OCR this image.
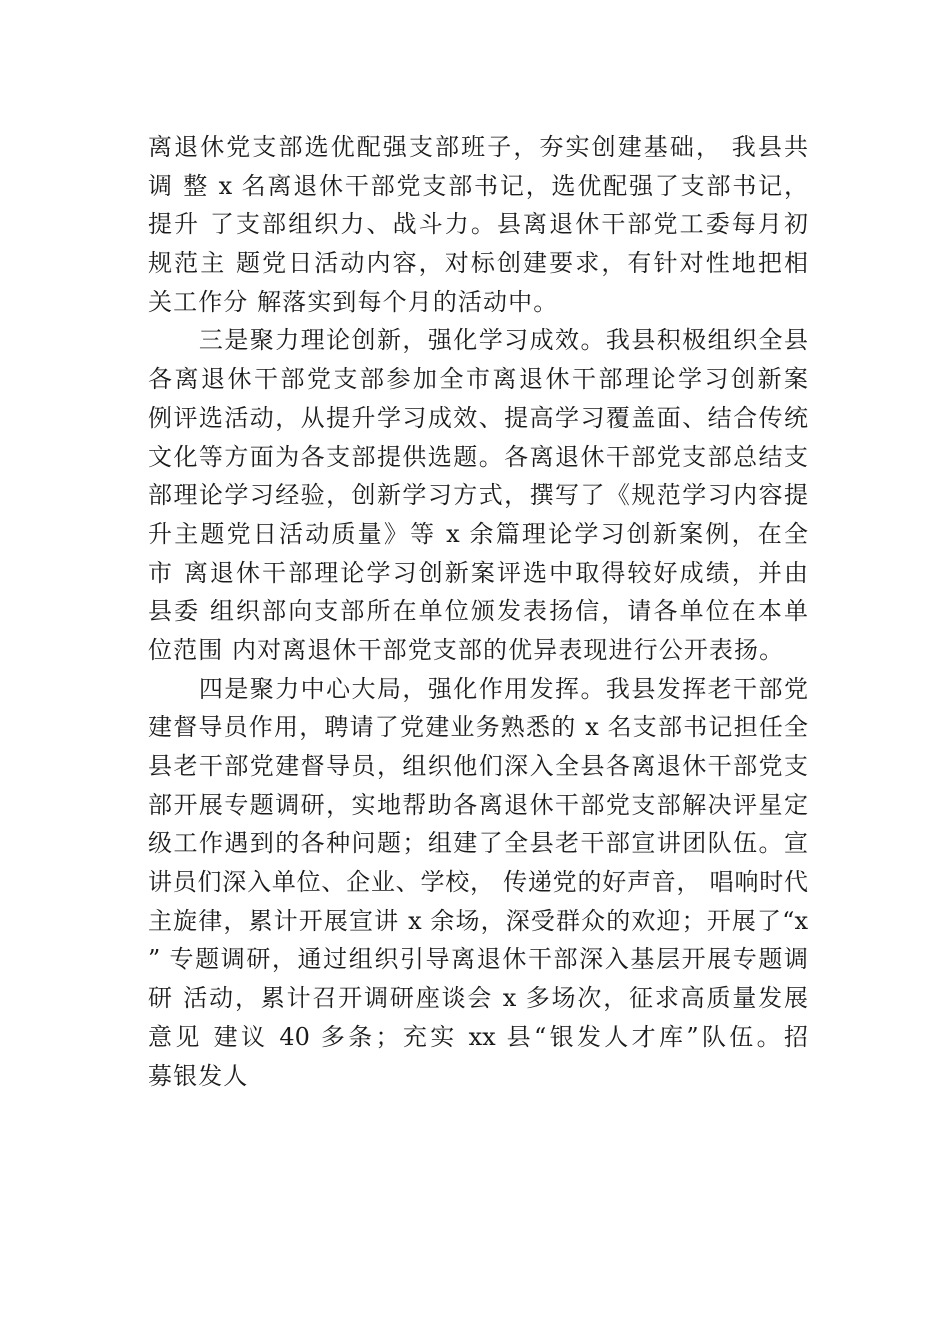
离退休党支部选优配强支部班子，夯实创建基础， 我县共
调 整 x 名离退休干部党支部书记，选优配强了支部书记，
提升 了支部组织力、战斗力。县离退休干部党工委每月初
规范主 题党日活动内容，对标创建要求，有针对性地把相
关工作分 解落实到每个月的活动中。
　　三是聚力理论创新，强化学习成效。我县积极组织全县
各离退休干部党支部参加全市离退休干部理论学习创新案
例评选活动，从提升学习成效、提高学习覆盖面、结合传统
文化等方面为各支部提供选题。各离退休干部党支部总结支
部理论学习经验，创新学习方式，撰写了《规范学习内容提
升主题党日活动质量》等 x 余篇理论学习创新案例，在全
市 离退休干部理论学习创新案评选中取得较好成绩，并由
县委 组织部向支部所在单位颁发表扬信，请各单位在本单
位范围 内对离退休干部党支部的优异表现进行公开表扬。
　　四是聚力中心大局，强化作用发挥。我县发挥老干部党
建督导员作用，聘请了党建业务熟悉的 x 名支部书记担任全
县老干部党建督导员，组织他们深入全县各离退休干部党支
部开展专题调研，实地帮助各离退休干部党支部解决评星定
级工作遇到的各种问题；组建了全县老干部宣讲团队伍。宣
讲员们深入单位、企业、学校， 传递党的好声音， 唱响时代
主旋律，累计开展宣讲 x 余场，深受群众的欢迎；开展了“x
” 专题调研，通过组织引导离退休干部深入基层开展专题调
研 活动，累计召开调研座谈会 x 多场次，征求高质量发展
意见 建议 40 多条；充实 xx 县“银发人才库”队伍。招
募银发人
